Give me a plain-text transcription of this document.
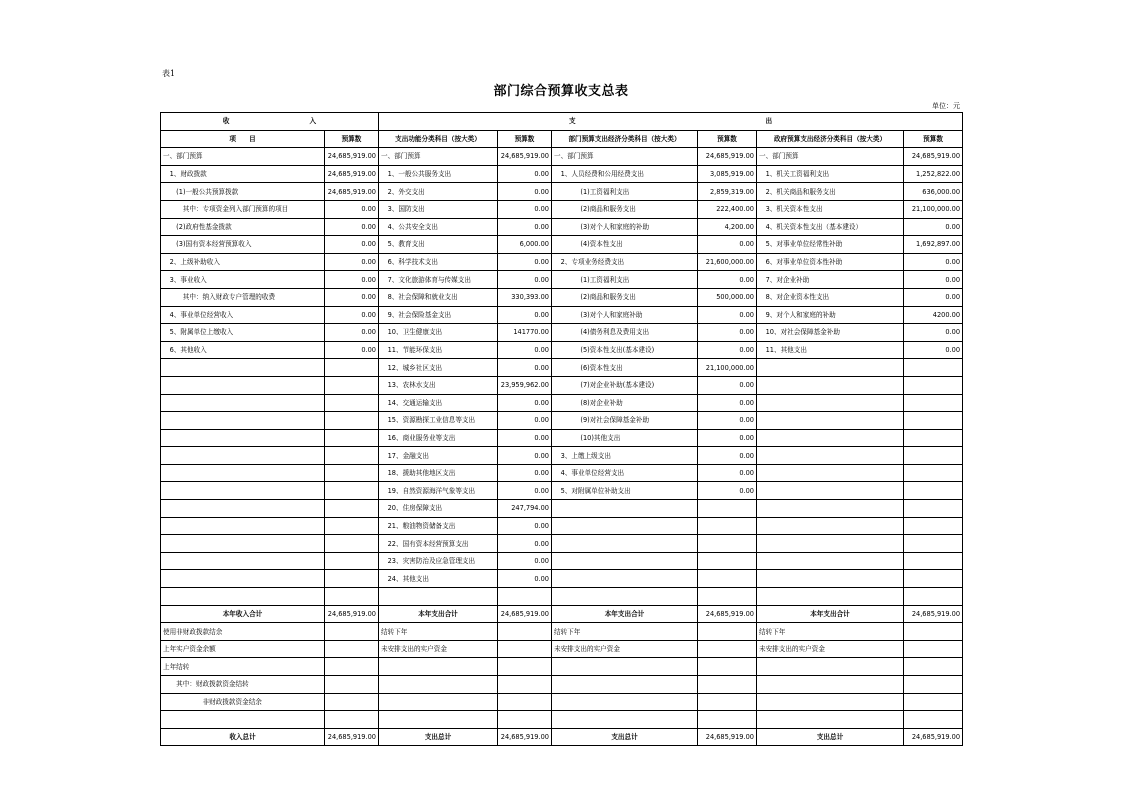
表1
部门综合预算收支总表
单位：元
收 入		支 出					
项　　目	预算数	支出功能分类科目（按大类）	预算数	部门预算支出经济分类科目（按大类）	预算数	政府预算支出经济分类科目（按大类）	预算数
一、部门预算	24,685,919.00	一、部门预算	24,685,919.00	一、部门预算	24,685,919.00	一、部门预算	24,685,919.00
　1、财政拨款	24,685,919.00	　1、一般公共服务支出	0.00	　1、人员经费和公用经费支出	3,085,919.00	　1、机关工资福利支出	1,252,822.00
　　(1)一般公共预算拨款	24,685,919.00	　2、外交支出	0.00	　　　　(1)工资福利支出	2,859,319.00	　2、机关商品和服务支出	636,000.00
　　　其中：专项资金列入部门预算的项目	0.00	　3、国防支出	0.00	　　　　(2)商品和服务支出	222,400.00	　3、机关资本性支出	21,100,000.00
　　(2)政府性基金拨款	0.00	　4、公共安全支出	0.00	　　　　(3)对个人和家庭的补助	4,200.00	　4、机关资本性支出（基本建设）	0.00
　　(3)国有资本经营预算收入	0.00	　5、教育支出	6,000.00	　　　　(4)资本性支出	0.00	　5、对事业单位经常性补助	1,692,897.00
　2、上级补助收入	0.00	　6、科学技术支出	0.00	　2、专项业务经费支出	21,600,000.00	　6、对事业单位资本性补助	0.00
　3、事业收入	0.00	　7、文化旅游体育与传媒支出	0.00	　　　　(1)工资福利支出	0.00	　7、对企业补助	0.00
　　　其中：纳入财政专户管理的收费	0.00	　8、社会保障和就业支出	330,393.00	　　　　(2)商品和服务支出	500,000.00	　8、对企业资本性支出	0.00
　4、事业单位经营收入	0.00	　9、社会保险基金支出	0.00	　　　　(3)对个人和家庭补助	0.00	　9、对个人和家庭的补助	4200.00
　5、附属单位上缴收入	0.00	　10、卫生健康支出	141770.00	　　　　(4)债务利息及费用支出	0.00	　10、对社会保障基金补助	0.00
　6、其他收入	0.00	　11、节能环保支出	0.00	　　　　(5)资本性支出(基本建设)	0.00	　11、其他支出	0.00
		　12、城乡社区支出	0.00	　　　　(6)资本性支出	21,100,000.00		
		　13、农林水支出	23,959,962.00	　　　　(7)对企业补助(基本建设)	0.00		
		　14、交通运输支出	0.00	　　　　(8)对企业补助	0.00		
		　15、资源勘探工业信息等支出	0.00	　　　　(9)对社会保障基金补助	0.00		
		　16、商业服务业等支出	0.00	　　　　(10)其他支出	0.00		
		　17、金融支出	0.00	　3、上缴上级支出	0.00		
		　18、援助其他地区支出	0.00	　4、事业单位经营支出	0.00		
		　19、自然资源海洋气象等支出	0.00	　5、对附属单位补助支出	0.00		
		　20、住房保障支出	247,794.00				
		　21、粮油物资储备支出	0.00				
		　22、国有资本经营预算支出	0.00				
		　23、灾害防治及应急管理支出	0.00				
		　24、其他支出	0.00				

本年收入合计	24,685,919.00	本年支出合计	24,685,919.00	本年支出合计	24,685,919.00	本年支出合计	24,685,919.00
使用非财政拨款结余		结转下年		结转下年		结转下年	
上年实户资金余额		未安排支出的实户资金		未安排支出的实户资金		未安排支出的实户资金	
上年结转							
　　其中：财政拨款资金结转							
　　　　　　非财政拨款资金结余							

收入总计	24,685,919.00	支出总计	24,685,919.00	支出总计	24,685,919.00	支出总计	24,685,919.00
